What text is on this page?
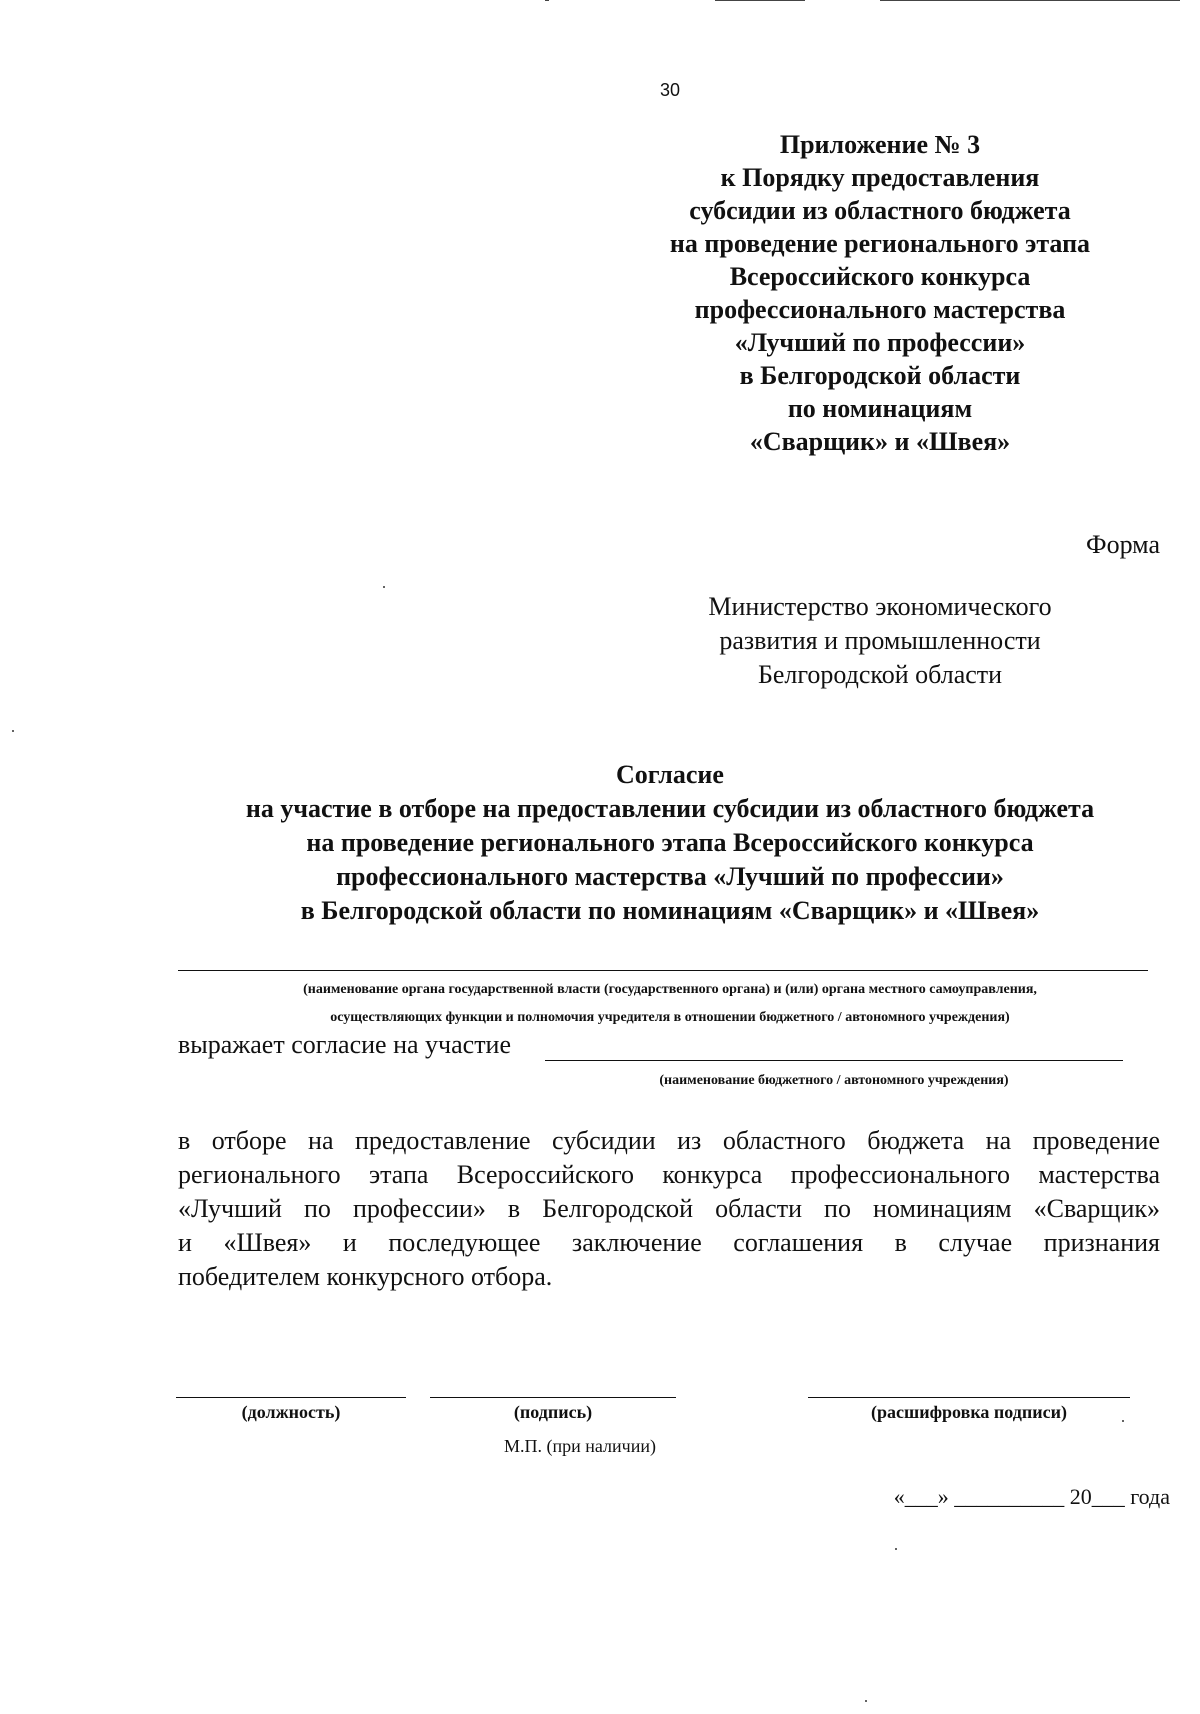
30
Приложение № 3
к Порядку предоставления
субсидии из областного бюджета
на проведение регионального этапа
Всероссийского конкурса
профессионального мастерства
«Лучший по профессии»
в Белгородской области
по номинациям
«Сварщик» и «Швея»
Форма
Министерство экономического
развития и промышленности
Белгородской области
Согласие
на участие в отборе на предоставлении субсидии из областного бюджета
на проведение регионального этапа Всероссийского конкурса
профессионального мастерства «Лучший по профессии»
в Белгородской области по номинациям «Сварщик» и «Швея»
(наименование органа государственной власти (государственного органа) и (или) органа местного самоуправления,
осуществляющих функции и полномочия учредителя в отношении бюджетного / автономного учреждения)
выражает согласие на участие
(наименование бюджетного / автономного учреждения)
в отборе на предоставление субсидии из областного бюджета на проведение
регионального этапа Всероссийского конкурса профессионального мастерства
«Лучший по профессии» в Белгородской области по номинациям «Сварщик»
и «Швея» и последующее заключение соглашения в случае признания
победителем конкурсного отбора.
(должность)	(подпись)	(расшифровка подписи)
М.П. (при наличии)
«___» __________ 20___ года
